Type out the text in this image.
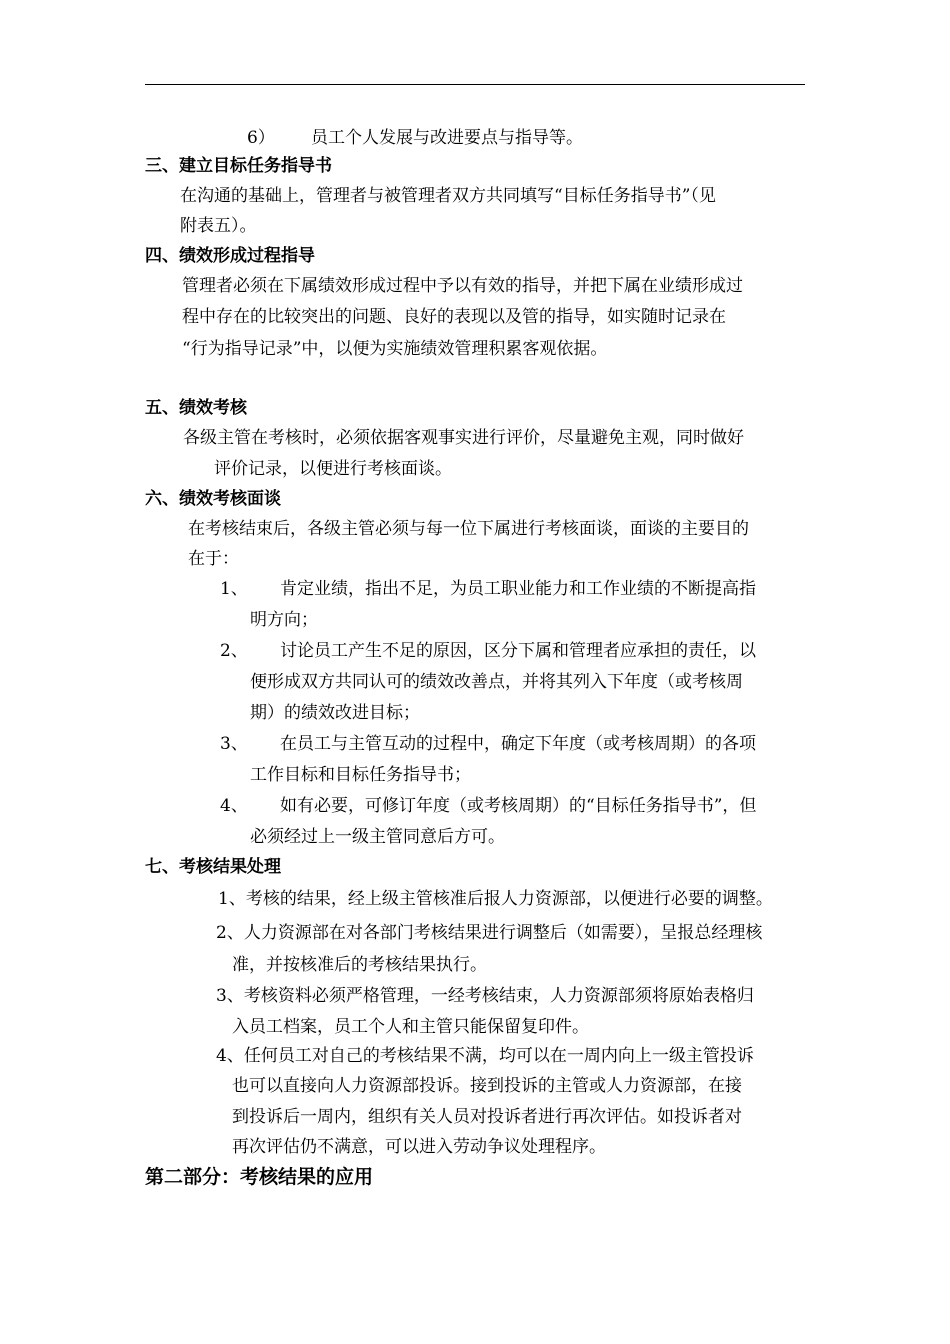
6） 员工个人发展与改进要点与指导等。
三、建立目标任务指导书
在沟通的基础上，管理者与被管理者双方共同填写“目标任务指导书”（见
附表五）。
四、绩效形成过程指导
管理者必须在下属绩效形成过程中予以有效的指导，并把下属在业绩形成过
程中存在的比较突出的问题、良好的表现以及管的指导，如实随时记录在
“行为指导记录”中，以便为实施绩效管理积累客观依据。
五、绩效考核
各级主管在考核时，必须依据客观事实进行评价，尽量避免主观，同时做好
评价记录，以便进行考核面谈。
六、绩效考核面谈
在考核结束后，各级主管必须与每一位下属进行考核面谈，面谈的主要目的
在于：
1、 肯定业绩，指出不足，为员工职业能力和工作业绩的不断提高指
明方向；
2、 讨论员工产生不足的原因，区分下属和管理者应承担的责任，以
便形成双方共同认可的绩效改善点，并将其列入下年度（或考核周
期）的绩效改进目标；
3、 在员工与主管互动的过程中，确定下年度（或考核周期）的各项
工作目标和目标任务指导书；
4、 如有必要，可修订年度（或考核周期）的“目标任务指导书”，但
必须经过上一级主管同意后方可。
七、考核结果处理
1、考核的结果，经上级主管核准后报人力资源部，以便进行必要的调整。
2、人力资源部在对各部门考核结果进行调整后（如需要），呈报总经理核
准，并按核准后的考核结果执行。
3、考核资料必须严格管理，一经考核结束，人力资源部须将原始表格归
入员工档案，员工个人和主管只能保留复印件。
4、任何员工对自己的考核结果不满，均可以在一周内向上一级主管投诉
也可以直接向人力资源部投诉。接到投诉的主管或人力资源部，在接
到投诉后一周内，组织有关人员对投诉者进行再次评估。如投诉者对
再次评估仍不满意，可以进入劳动争议处理程序。
第二部分：考核结果的应用
